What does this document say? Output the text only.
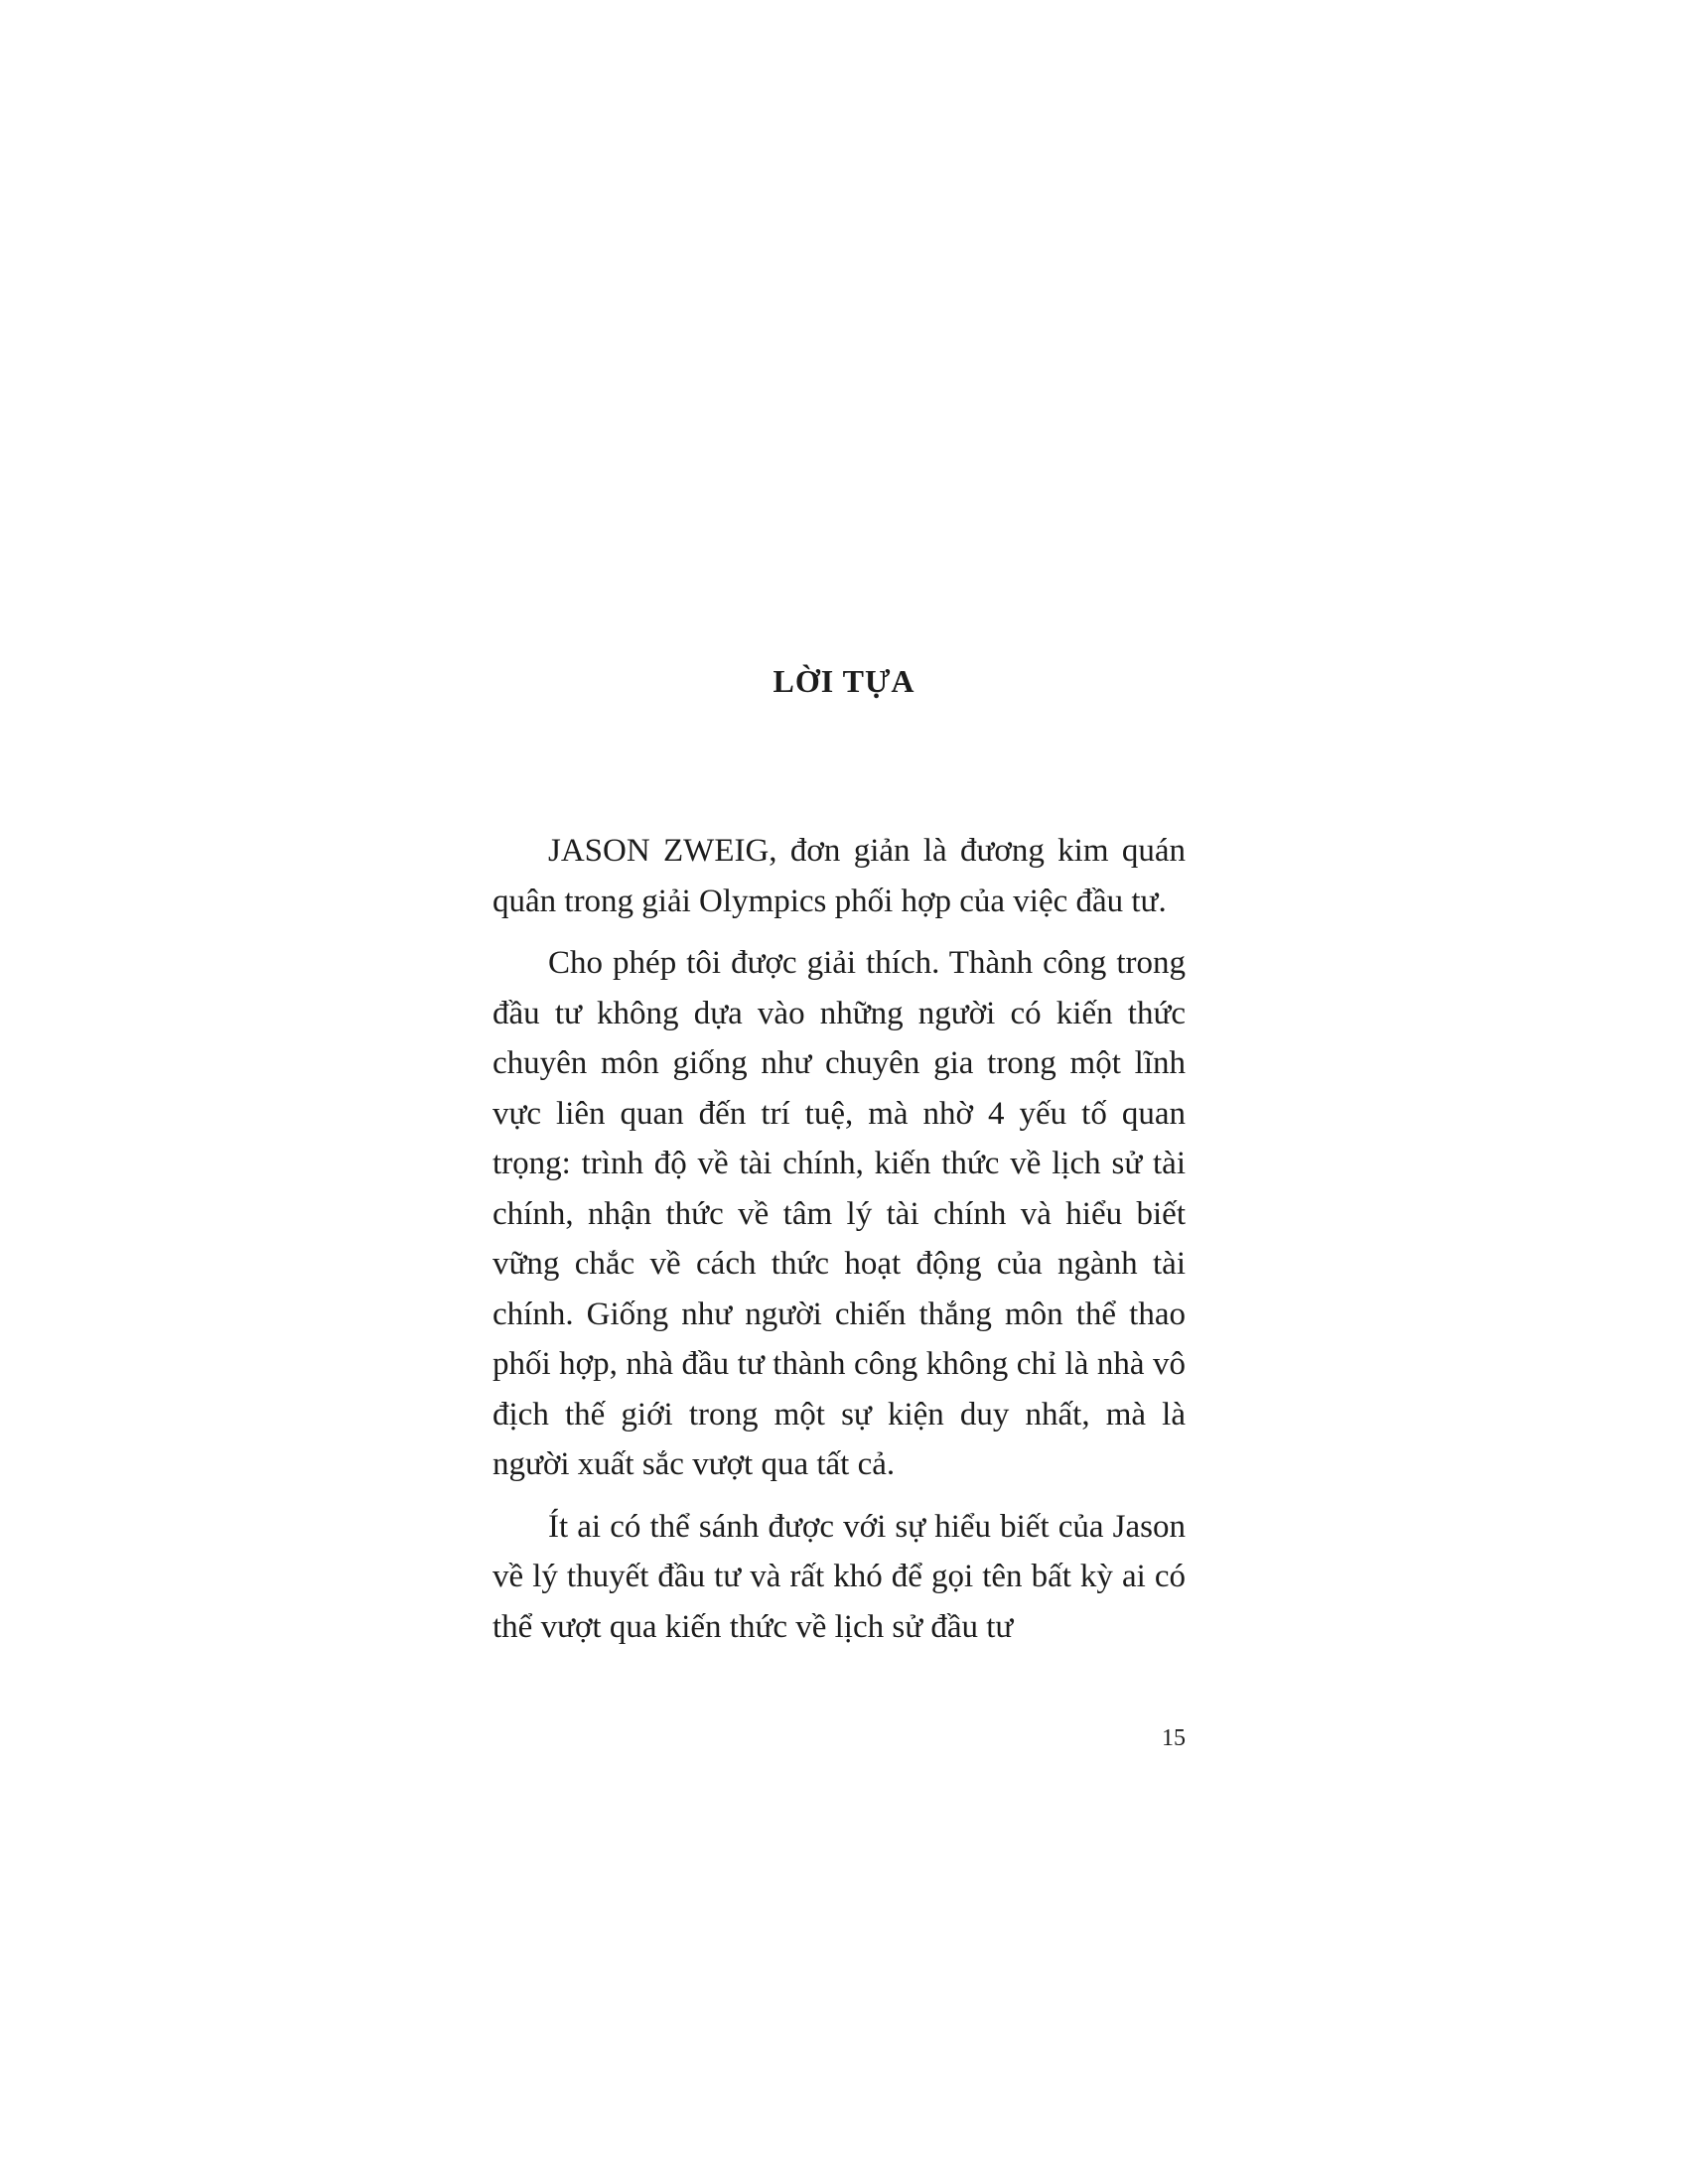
LỜI TỰA

JASON ZWEIG, đơn giản là đương kim quán quân trong giải Olympics phối hợp của việc đầu tư.

Cho phép tôi được giải thích. Thành công trong đầu tư không dựa vào những người có kiến thức chuyên môn giống như chuyên gia trong một lĩnh vực liên quan đến trí tuệ, mà nhờ 4 yếu tố quan trọng: trình độ về tài chính, kiến thức về lịch sử tài chính, nhận thức về tâm lý tài chính và hiểu biết vững chắc về cách thức hoạt động của ngành tài chính. Giống như người chiến thắng môn thể thao phối hợp, nhà đầu tư thành công không chỉ là nhà vô địch thế giới trong một sự kiện duy nhất, mà là người xuất sắc vượt qua tất cả.

Ít ai có thể sánh được với sự hiểu biết của Jason về lý thuyết đầu tư và rất khó để gọi tên bất kỳ ai có thể vượt qua kiến thức về lịch sử đầu tư

15
